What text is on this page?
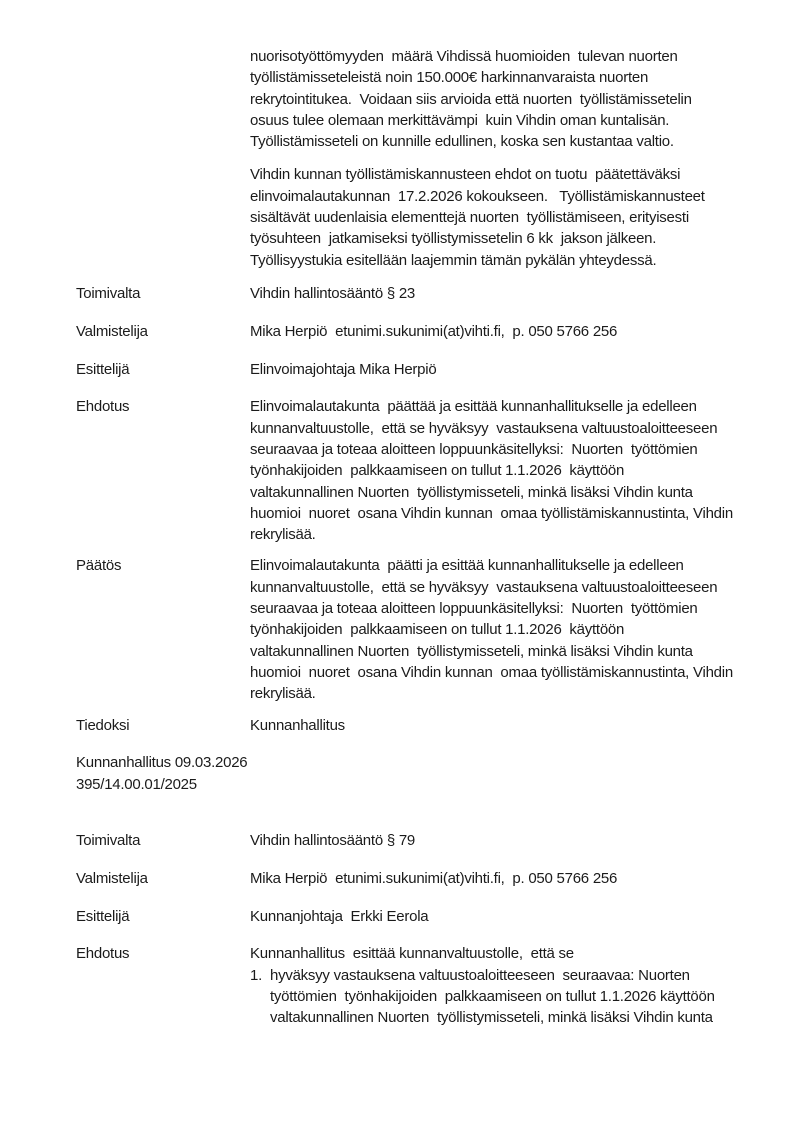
nuorisotyöttömyyden  määrä Vihdissä huomioiden  tulevan nuorten
työllistämisseteleistä noin 150.000€ harkinnanvaraista nuorten
rekrytointitukea.  Voidaan siis arvioida että nuorten  työllistämissetelin
osuus tulee olemaan merkittävämpi  kuin Vihdin oman kuntalisän.
Työllistämisseteli on kunnille edullinen, koska sen kustantaa valtio.
Vihdin kunnan työllistämiskannusteen ehdot on tuotu  päätettäväksi
elinvoimalautakunnan  17.2.2026 kokoukseen.   Työllistämiskannusteet
sisältävät uudenlaisia elementtejä nuorten  työllistämiseen, erityisesti
työsuhteen  jatkamiseksi työllistymissetelin 6 kk  jakson jälkeen.
Työllisyystukia esitellään laajemmin tämän pykälän yhteydessä.
Toimivalta	Vihdin hallintosääntö § 23
Valmistelija	Mika Herpiö  etunimi.sukunimi(at)vihti.fi,  p. 050 5766 256
Esittelijä	Elinvoimajohtaja Mika Herpiö
Ehdotus	Elinvoimalautakunta  päättää ja esittää kunnanhallitukselle ja edelleen
kunnanvaltuustolle,  että se hyväksyy  vastauksena valtuustoaloitteeseen
seuraavaa ja toteaa aloitteen loppuunkäsitellyksi:  Nuorten  työttömien
työnhakijoiden  palkkaamiseen on tullut 1.1.2026  käyttöön
valtakunnallinen Nuorten  työllistymisseteli, minkä lisäksi Vihdin kunta
huomioi  nuoret  osana Vihdin kunnan  omaa työllistämiskannustinta, Vihdin
rekrylisää.
Päätös	Elinvoimalautakunta  päätti ja esittää kunnanhallitukselle ja edelleen
kunnanvaltuustolle,  että se hyväksyy  vastauksena valtuustoaloitteeseen
seuraavaa ja toteaa aloitteen loppuunkäsitellyksi:  Nuorten  työttömien
työnhakijoiden  palkkaamiseen on tullut 1.1.2026  käyttöön
valtakunnallinen Nuorten  työllistymisseteli, minkä lisäksi Vihdin kunta
huomioi  nuoret  osana Vihdin kunnan  omaa työllistämiskannustinta, Vihdin
rekrylisää.
Tiedoksi	Kunnanhallitus
Kunnanhallitus 09.03.2026
395/14.00.01/2025
Toimivalta	Vihdin hallintosääntö § 79
Valmistelija	Mika Herpiö  etunimi.sukunimi(at)vihti.fi,  p. 050 5766 256
Esittelijä	Kunnanjohtaja  Erkki Eerola
Ehdotus	Kunnanhallitus  esittää kunnanvaltuustolle,  että se
1. hyväksyy vastauksena valtuustoaloitteeseen  seuraavaa: Nuorten
työttömien  työnhakijoiden  palkkaamiseen on tullut 1.1.2026 käyttöön
valtakunnallinen Nuorten  työllistymisseteli, minkä lisäksi Vihdin kunta
